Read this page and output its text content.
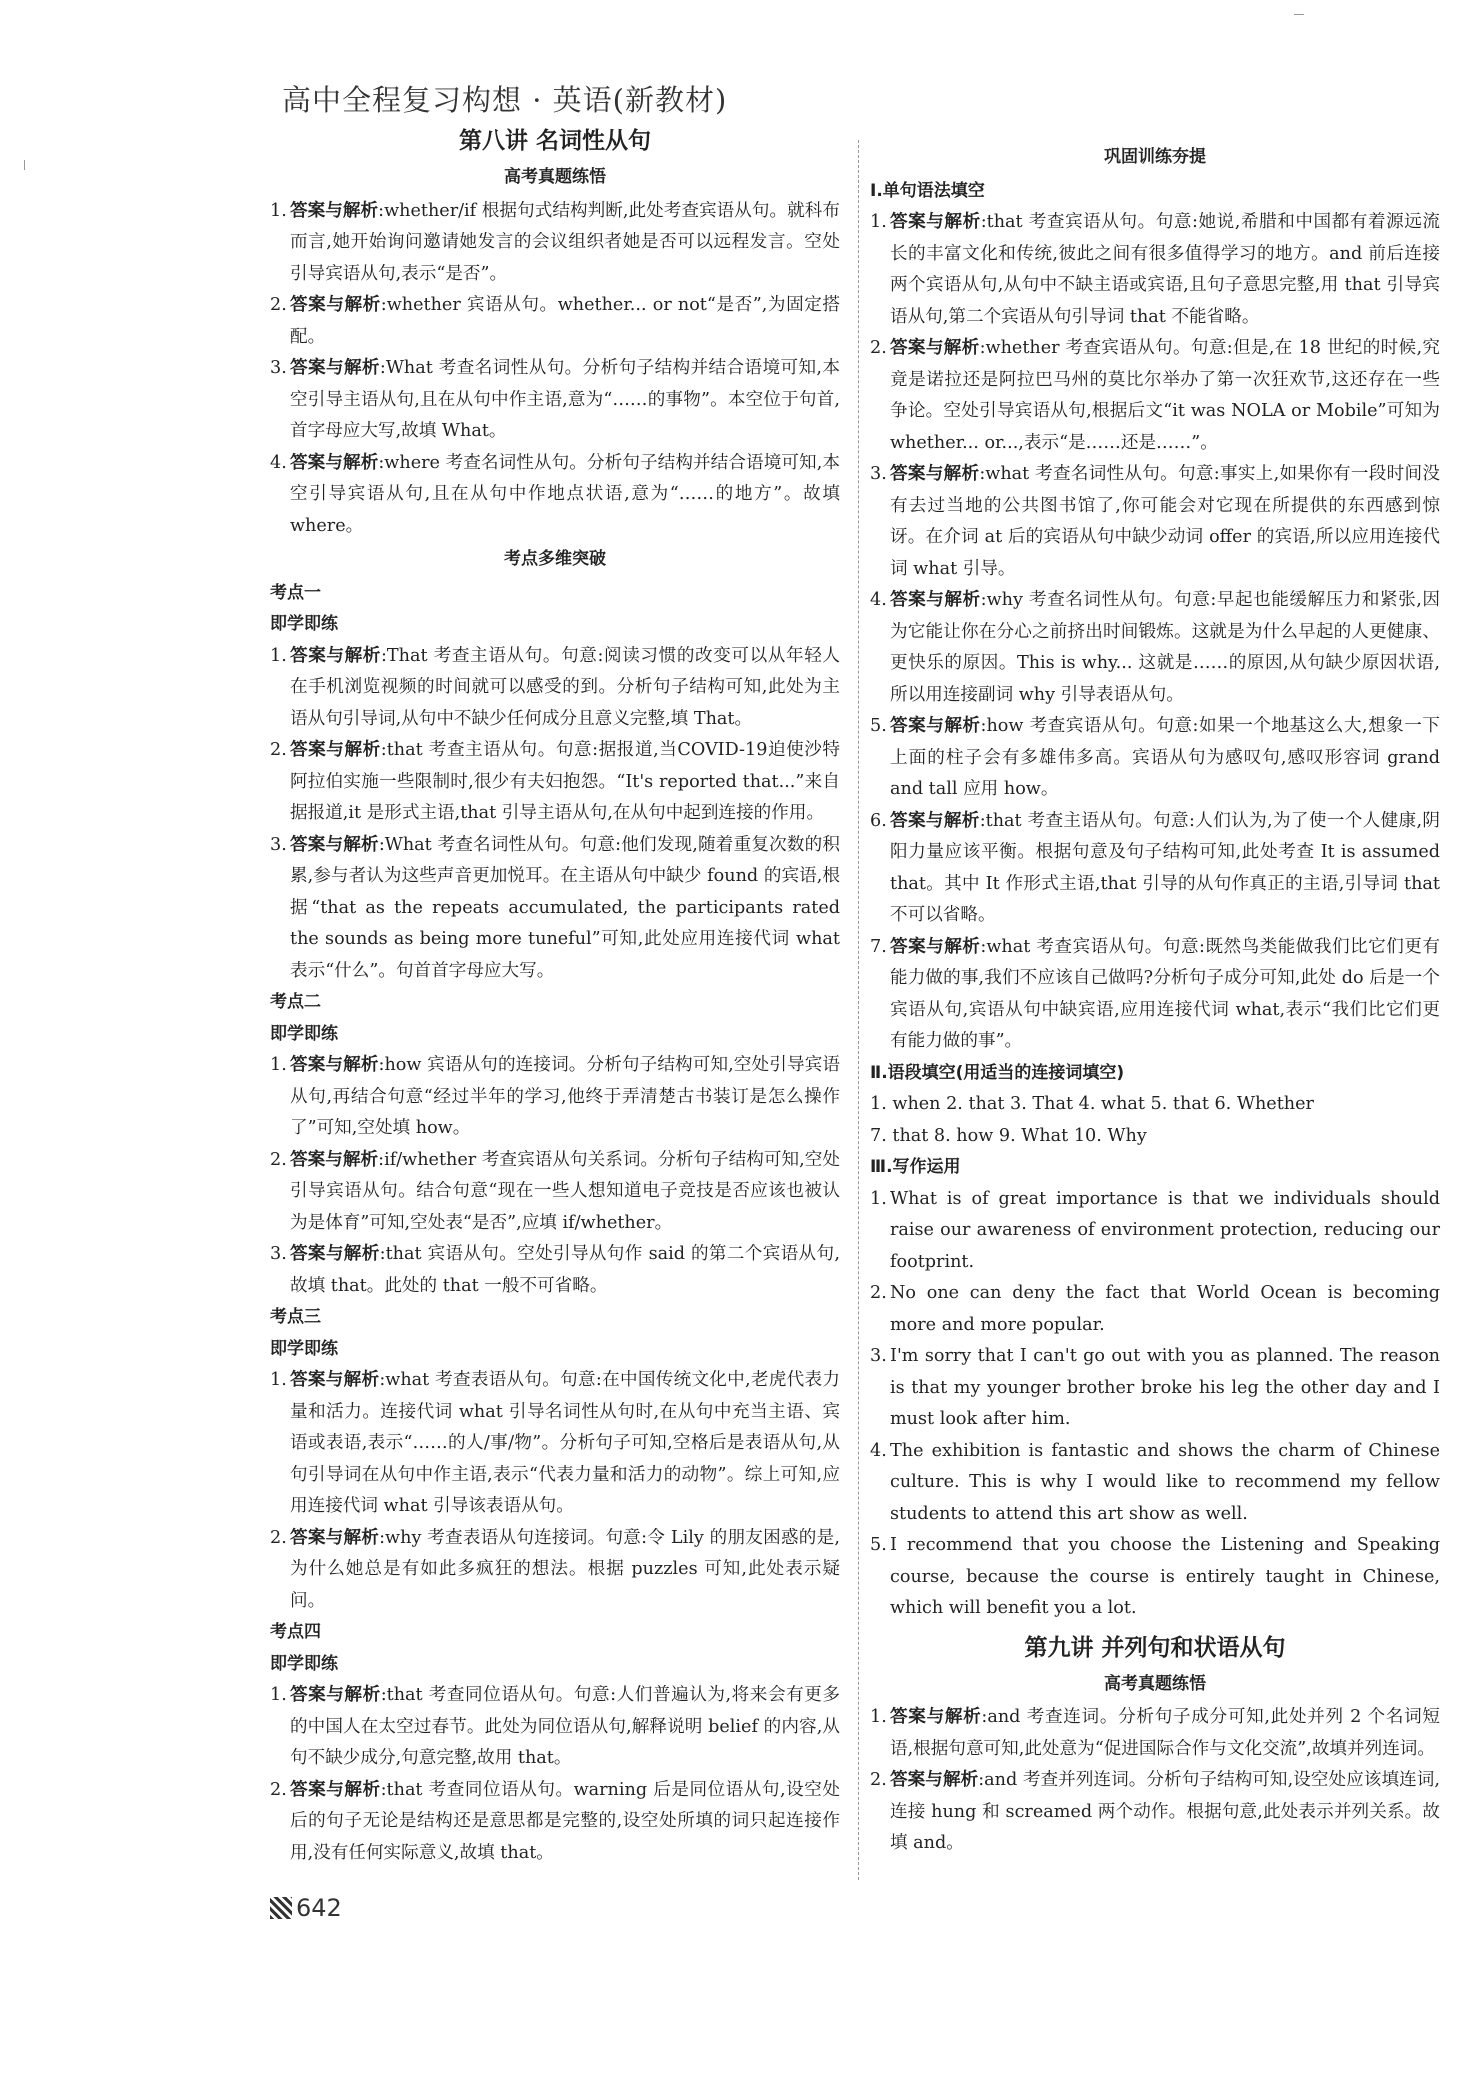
高中全程复习构想 · 英语(新教材)
第八讲 名词性从句
高考真题练悟

1. 答案与解析:whether/if 根据句式结构判断,此处考查宾语从句。就科布而言,她开始询问邀请她发言的会议组织者她是否可以远程发言。空处引导宾语从句,表示“是否”。

2. 答案与解析:whether 宾语从句。whether... or not“是否”,为固定搭配。

3. 答案与解析:What 考查名词性从句。分析句子结构并结合语境可知,本空引导主语从句,且在从句中作主语,意为“……的事物”。本空位于句首,首字母应大写,故填 What。

4. 答案与解析:where 考查名词性从句。分析句子结构并结合语境可知,本空引导宾语从句,且在从句中作地点状语,意为“……的地方”。故填 where。

考点多维突破
考点一
即学即练

1. 答案与解析:That 考查主语从句。句意:阅读习惯的改变可以从年轻人在手机浏览视频的时间就可以感受的到。分析句子结构可知,此处为主语从句引导词,从句中不缺少任何成分且意义完整,填 That。

2. 答案与解析:that 考查主语从句。句意:据报道,当COVID-19迫使沙特阿拉伯实施一些限制时,很少有夫妇抱怨。“It's reported that...”来自据报道,it 是形式主语,that 引导主语从句,在从句中起到连接的作用。

3. 答案与解析:What 考查名词性从句。句意:他们发现,随着重复次数的积累,参与者认为这些声音更加悦耳。在主语从句中缺少 found 的宾语,根据“that as the repeats accumulated, the participants rated the sounds as being more tuneful”可知,此处应用连接代词 what 表示“什么”。句首首字母应大写。

考点二
即学即练

1. 答案与解析:how 宾语从句的连接词。分析句子结构可知,空处引导宾语从句,再结合句意“经过半年的学习,他终于弄清楚古书装订是怎么操作了”可知,空处填 how。

2. 答案与解析:if/whether 考查宾语从句关系词。分析句子结构可知,空处引导宾语从句。结合句意“现在一些人想知道电子竞技是否应该也被认为是体育”可知,空处表“是否”,应填 if/whether。

3. 答案与解析:that 宾语从句。空处引导从句作 said 的第二个宾语从句,故填 that。此处的 that 一般不可省略。

考点三
即学即练

1. 答案与解析:what 考查表语从句。句意:在中国传统文化中,老虎代表力量和活力。连接代词 what 引导名词性从句时,在从句中充当主语、宾语或表语,表示“……的人/事/物”。分析句子可知,空格后是表语从句,从句引导词在从句中作主语,表示“代表力量和活力的动物”。综上可知,应用连接代词 what 引导该表语从句。

2. 答案与解析:why 考查表语从句连接词。句意:令 Lily 的朋友困惑的是,为什么她总是有如此多疯狂的想法。根据 puzzles 可知,此处表示疑问。

考点四
即学即练

1. 答案与解析:that 考查同位语从句。句意:人们普遍认为,将来会有更多的中国人在太空过春节。此处为同位语从句,解释说明 belief 的内容,从句不缺少成分,句意完整,故用 that。

2. 答案与解析:that 考查同位语从句。warning 后是同位语从句,设空处后的句子无论是结构还是意思都是完整的,设空处所填的词只起连接作用,没有任何实际意义,故填 that。

巩固训练夯提
Ⅰ.单句语法填空

1. 答案与解析:that 考查宾语从句。句意:她说,希腊和中国都有着源远流长的丰富文化和传统,彼此之间有很多值得学习的地方。and 前后连接两个宾语从句,从句中不缺主语或宾语,且句子意思完整,用 that 引导宾语从句,第二个宾语从句引导词 that 不能省略。

2. 答案与解析:whether 考查宾语从句。句意:但是,在 18 世纪的时候,究竟是诺拉还是阿拉巴马州的莫比尔举办了第一次狂欢节,这还存在一些争论。空处引导宾语从句,根据后文“it was NOLA or Mobile”可知为 whether... or...,表示“是……还是……”。

3. 答案与解析:what 考查名词性从句。句意:事实上,如果你有一段时间没有去过当地的公共图书馆了,你可能会对它现在所提供的东西感到惊讶。在介词 at 后的宾语从句中缺少动词 offer 的宾语,所以应用连接代词 what 引导。

4. 答案与解析:why 考查名词性从句。句意:早起也能缓解压力和紧张,因为它能让你在分心之前挤出时间锻炼。这就是为什么早起的人更健康、更快乐的原因。This is why... 这就是……的原因,从句缺少原因状语,所以用连接副词 why 引导表语从句。

5. 答案与解析:how 考查宾语从句。句意:如果一个地基这么大,想象一下上面的柱子会有多雄伟多高。宾语从句为感叹句,感叹形容词 grand and tall 应用 how。

6. 答案与解析:that 考查主语从句。句意:人们认为,为了使一个人健康,阴阳力量应该平衡。根据句意及句子结构可知,此处考查 It is assumed that。其中 It 作形式主语,that 引导的从句作真正的主语,引导词 that 不可以省略。

7. 答案与解析:what 考查宾语从句。句意:既然鸟类能做我们比它们更有能力做的事,我们不应该自己做吗?分析句子成分可知,此处 do 后是一个宾语从句,宾语从句中缺宾语,应用连接代词 what,表示“我们比它们更有能力做的事”。

Ⅱ.语段填空(用适当的连接词填空)

1. when 2. that 3. That 4. what 5. that 6. Whether

7. that 8. how 9. What 10. Why

Ⅲ.写作运用

1. What is of great importance is that we individuals should raise our awareness of environment protection, reducing our footprint.

2. No one can deny the fact that World Ocean is becoming more and more popular.

3. I'm sorry that I can't go out with you as planned. The reason is that my younger brother broke his leg the other day and I must look after him.

4. The exhibition is fantastic and shows the charm of Chinese culture. This is why I would like to recommend my fellow students to attend this art show as well.

5. I recommend that you choose the Listening and Speaking course, because the course is entirely taught in Chinese, which will benefit you a lot.

第九讲 并列句和状语从句
高考真题练悟

1. 答案与解析:and 考查连词。分析句子成分可知,此处并列 2 个名词短语,根据句意可知,此处意为“促进国际合作与文化交流”,故填并列连词。

2. 答案与解析:and 考查并列连词。分析句子结构可知,设空处应该填连词,连接 hung 和 screamed 两个动作。根据句意,此处表示并列关系。故填 and。

642
